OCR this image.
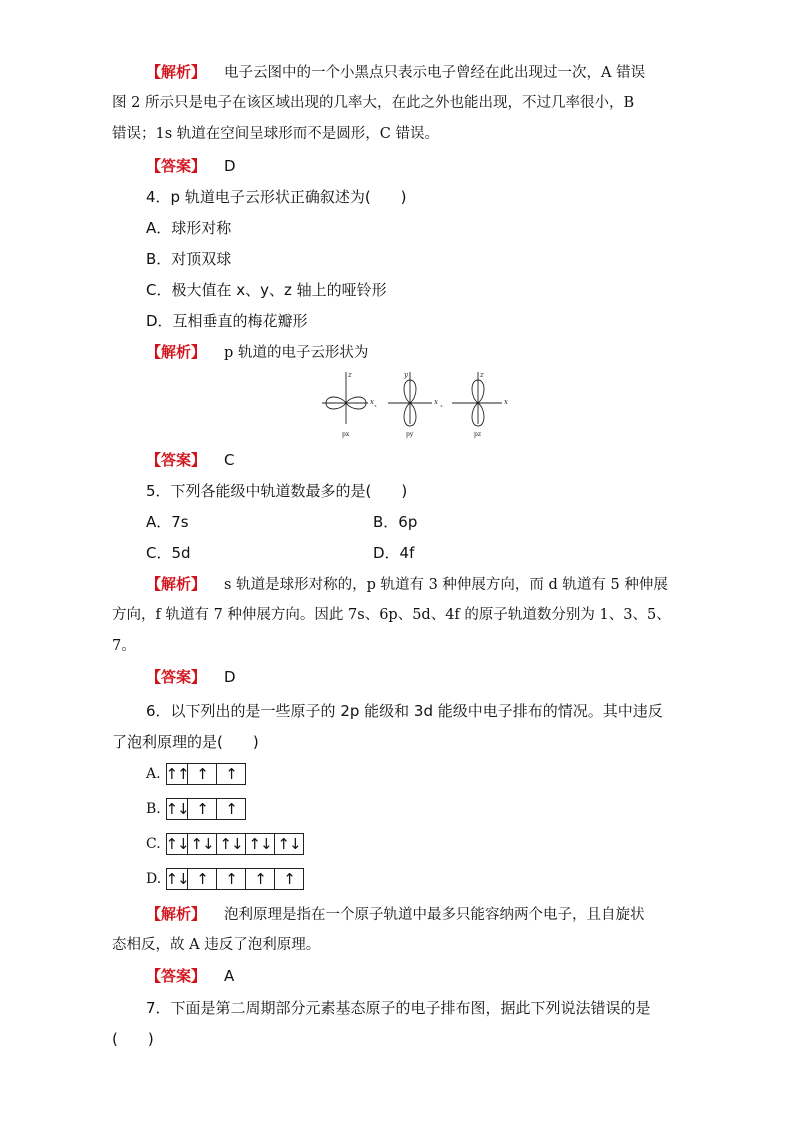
【 解析 】 电子云图中的一个小黑点只表示电子曾经在此出现过一次，A 错误
图 2 所示只是电子在该区域出现的几率大，在此之外也能出现，不过几率很小，B
错误；1s 轨道在空间呈球形而不是圆形，C 错误。
【 答案 】 D
4．p 轨道电子云形状正确叙述为(　　)
A．球形对称
B．对顶双球
C．极大值在 x、y、z 轴上的哑铃形
D．互相垂直的梅花瓣形
【 解析 】 p 轨道的电子云形状为
z
x
y
x
z
x
、	、
px	py	pz
【 答案 】 C
5．下列各能级中轨道数最多的是(　　)
A．7s	B．6p
C．5d	D．4f
【 解析 】 s 轨道是球形对称的，p 轨道有 3 种伸展方向，而 d 轨道有 5 种伸展
方向，f 轨道有 7 种伸展方向。因此 7s、6p、5d、4f 的原子轨道数分别为 1、3、5、
7。
【 答案 】 D
6．以下列出的是一些原子的 2p 能级和 3d 能级中电子排布的情况。其中违反
了泡利原理的是(　　)
A. ↑↑ ↑	↑
B. ↑↓ ↑	↑
C. ↑↓ ↑↓ ↑↓ ↑↓ ↑↓
D. ↑↓ ↑	↑	↑	↑
【 解析 】 泡利原理是指在一个原子轨道中最多只能容纳两个电子，且自旋状
态相反，故 A 违反了泡利原理。
【 答案 】 A
7．下面是第二周期部分元素基态原子的电子排布图，据此下列说法错误的是
(　　)
